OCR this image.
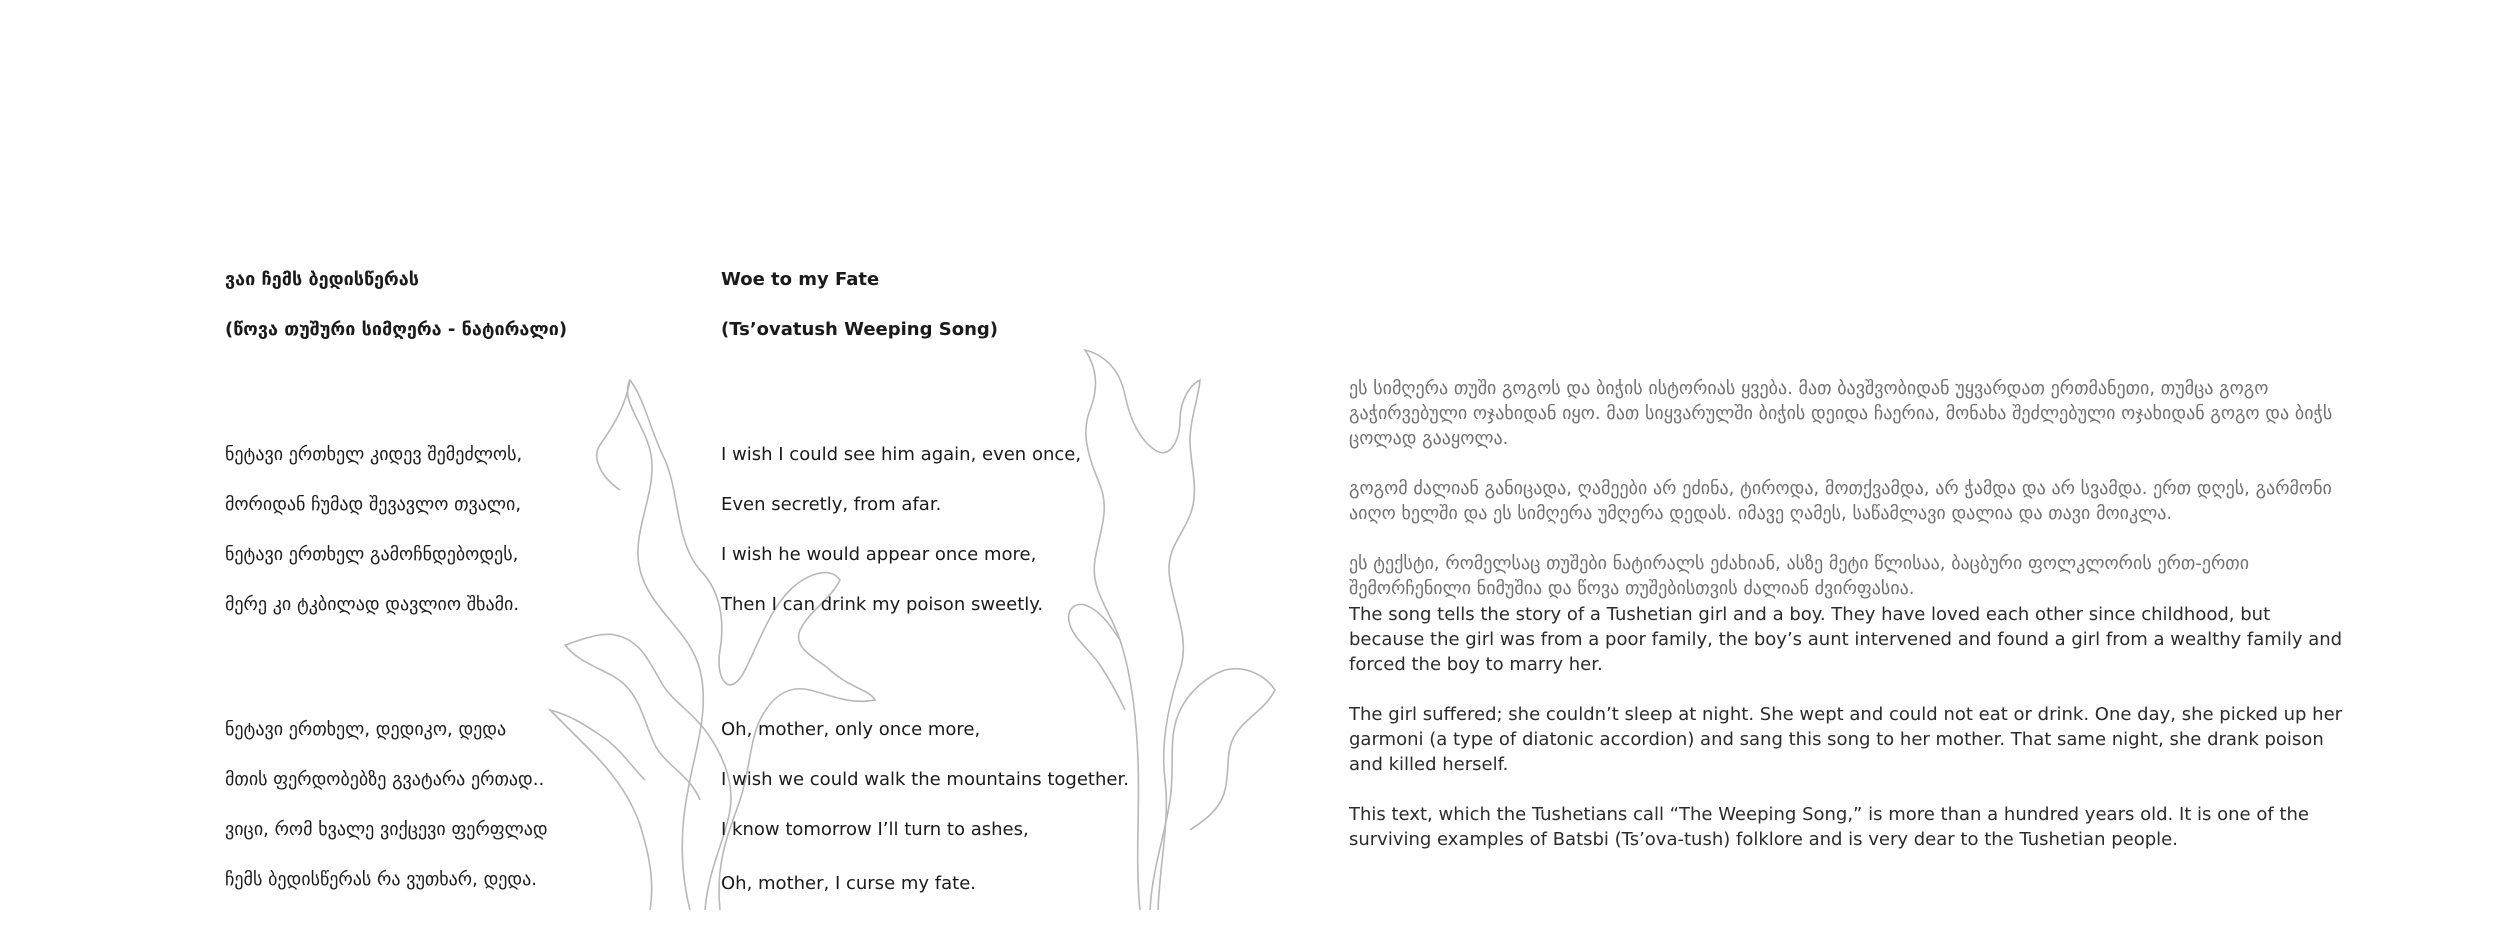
ვაი ჩემს ბედისწერას

(წოვა თუშური სიმღერა - ნატირალი)

ნეტავი ერთხელ კიდევ შემეძლოს,

მორიდან ჩუმად შევავლო თვალი,

ნეტავი ერთხელ გამოჩნდებოდეს,

მერე კი ტკბილად დავლიო შხამი.

ნეტავი ერთხელ, დედიკო, დედა

მთის ფერდობებზე გვატარა ერთად..

ვიცი, რომ ხვალე ვიქცევი ფერფლად

ჩემს ბედისწერას რა ვუთხარ, დედა.

Woe to my Fate

(Ts’ovatush Weeping Song)

I wish I could see him again, even once,

Even secretly, from afar.

I wish he would appear once more,

Then I can drink my poison sweetly.

Oh, mother, only once more,

I wish we could walk the mountains together.

I know tomorrow I’ll turn to ashes,

Oh, mother, I curse my fate.

ეს სიმღერა თუში გოგოს და ბიჭის ისტორიას ყვება. მათ ბავშვობიდან უყვარდათ ერთმანეთი, თუმცა გოგო გაჭირვებული ოჯახიდან იყო. მათ სიყვარულში ბიჭის დეიდა ჩაერია, მონახა შეძლებული ოჯახიდან გოგო და ბიჭს ცოლად გააყოლა.

გოგომ ძალიან განიცადა, ღამეები არ ეძინა, ტიროდა, მოთქვამდა, არ ჭამდა და არ სვამდა. ერთ დღეს, გარმონი აიღო ხელში და ეს სიმღერა უმღერა დედას. იმავე ღამეს, საწამლავი დალია და თავი მოიკლა.

ეს ტექსტი, რომელსაც თუშები ნატირალს ეძახიან, ასზე მეტი წლისაა, ბაცბური ფოლკლორის ერთ-ერთი შემორჩენილი ნიმუშია და წოვა თუშებისთვის ძალიან ძვირფასია.

The song tells the story of a Tushetian girl and a boy. They have loved each other since childhood, but because the girl was from a poor family, the boy’s aunt intervened and found a girl from a wealthy family and forced the boy to marry her.

The girl suffered; she couldn’t sleep at night. She wept and could not eat or drink. One day, she picked up her garmoni (a type of diatonic accordion) and sang this song to her mother. That same night, she drank poison and killed herself.

This text, which the Tushetians call “The Weeping Song,” is more than a hundred years old. It is one of the surviving examples of Batsbi (Ts’ova-tush) folklore and is very dear to the Tushetian people.
